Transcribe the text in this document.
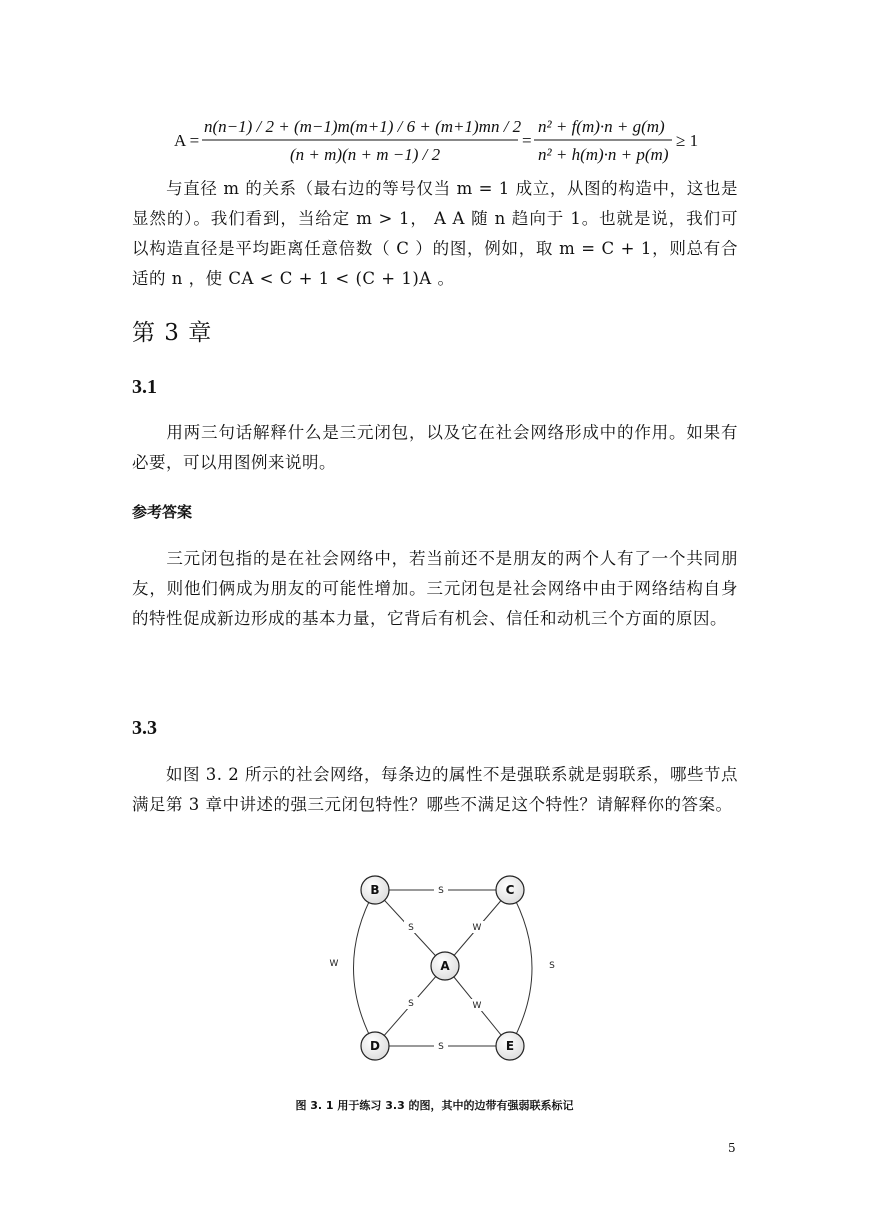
A =
n(n−1) / 2 + (m−1)m(m+1) / 6 + (m+1)mn / 2
(n + m)(n + m −1) / 2
=
n² + f(m)·n + g(m)
n² + h(m)·n + p(m)
≥ 1
与直径 m 的关系（最右边的等号仅当 m = 1 成立，从图的构造中，这也是显然的）。我们看到，当给定 m > 1， A A 随 n 趋向于 1。也就是说，我们可以构造直径是平均距离任意倍数（ C ）的图，例如，取 m = C + 1，则总有合适的 n ，使 CA < C + 1 < (C + 1)A 。
第 3 章
3.1
用两三句话解释什么是三元闭包，以及它在社会网络形成中的作用。如果有必要，可以用图例来说明。
参考答案
三元闭包指的是在社会网络中，若当前还不是朋友的两个人有了一个共同朋友，则他们俩成为朋友的可能性增加。三元闭包是社会网络中由于网络结构自身的特性促成新边形成的基本力量，它背后有机会、信任和动机三个方面的原因。
3.3
如图 3. 2 所示的社会网络，每条边的属性不是强联系就是弱联系，哪些节点满足第 3 章中讲述的强三元闭包特性？哪些不满足这个特性？请解释你的答案。
S
S	W
W	S
S	W
S
B	C
A
D	E
图 3. 1 用于练习 3.3 的图，其中的边带有强弱联系标记
5
